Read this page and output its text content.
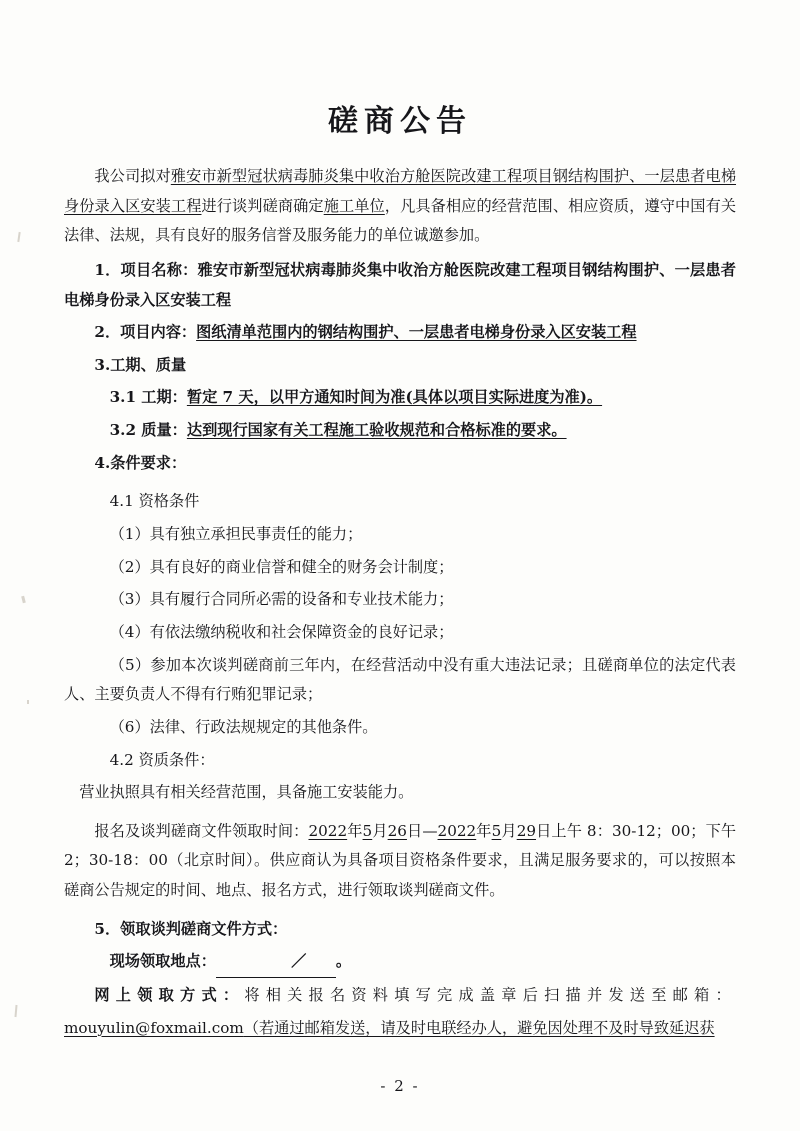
磋商公告

我公司拟对雅安市新型冠状病毒肺炎集中收治方舱医院改建工程项目钢结构围护、一层患者电梯身份录入区安装工程进行谈判磋商确定施工单位，凡具备相应的经营范围、相应资质，遵守中国有关法律、法规，具有良好的服务信誉及服务能力的单位诚邀参加。

1．项目名称：雅安市新型冠状病毒肺炎集中收治方舱医院改建工程项目钢结构围护、一层患者电梯身份录入区安装工程

2．项目内容：图纸清单范围内的钢结构围护、一层患者电梯身份录入区安装工程

3.工期、质量

3.1 工期：暂定 7 天，以甲方通知时间为准(具体以项目实际进度为准)。

3.2 质量：达到现行国家有关工程施工验收规范和合格标准的要求。

4.条件要求：

4.1 资格条件

（1）具有独立承担民事责任的能力；

（2）具有良好的商业信誉和健全的财务会计制度；

（3）具有履行合同所必需的设备和专业技术能力；

（4）有依法缴纳税收和社会保障资金的良好记录；

（5）参加本次谈判磋商前三年内，在经营活动中没有重大违法记录；且磋商单位的法定代表人、主要负责人不得有行贿犯罪记录；

（6）法律、行政法规规定的其他条件。

4.2 资质条件：

营业执照具有相关经营范围，具备施工安装能力。

报名及谈判磋商文件领取时间：2022年5月26日—2022年5月29日上午 8：30-12；00；下午 2；30-18：00（北京时间）。供应商认为具备项目资格条件要求，且满足服务要求的，可以按照本磋商公告规定的时间、地点、报名方式，进行领取谈判磋商文件。

5．领取谈判磋商文件方式：

现场领取地点：	／ 。

网上领取方式：将相关报名资料填写完成盖章后扫描并发送至邮箱：

mouyulin@foxmail.com（若通过邮箱发送，请及时电联经办人，避免因处理不及时导致延迟获

- 2 -
